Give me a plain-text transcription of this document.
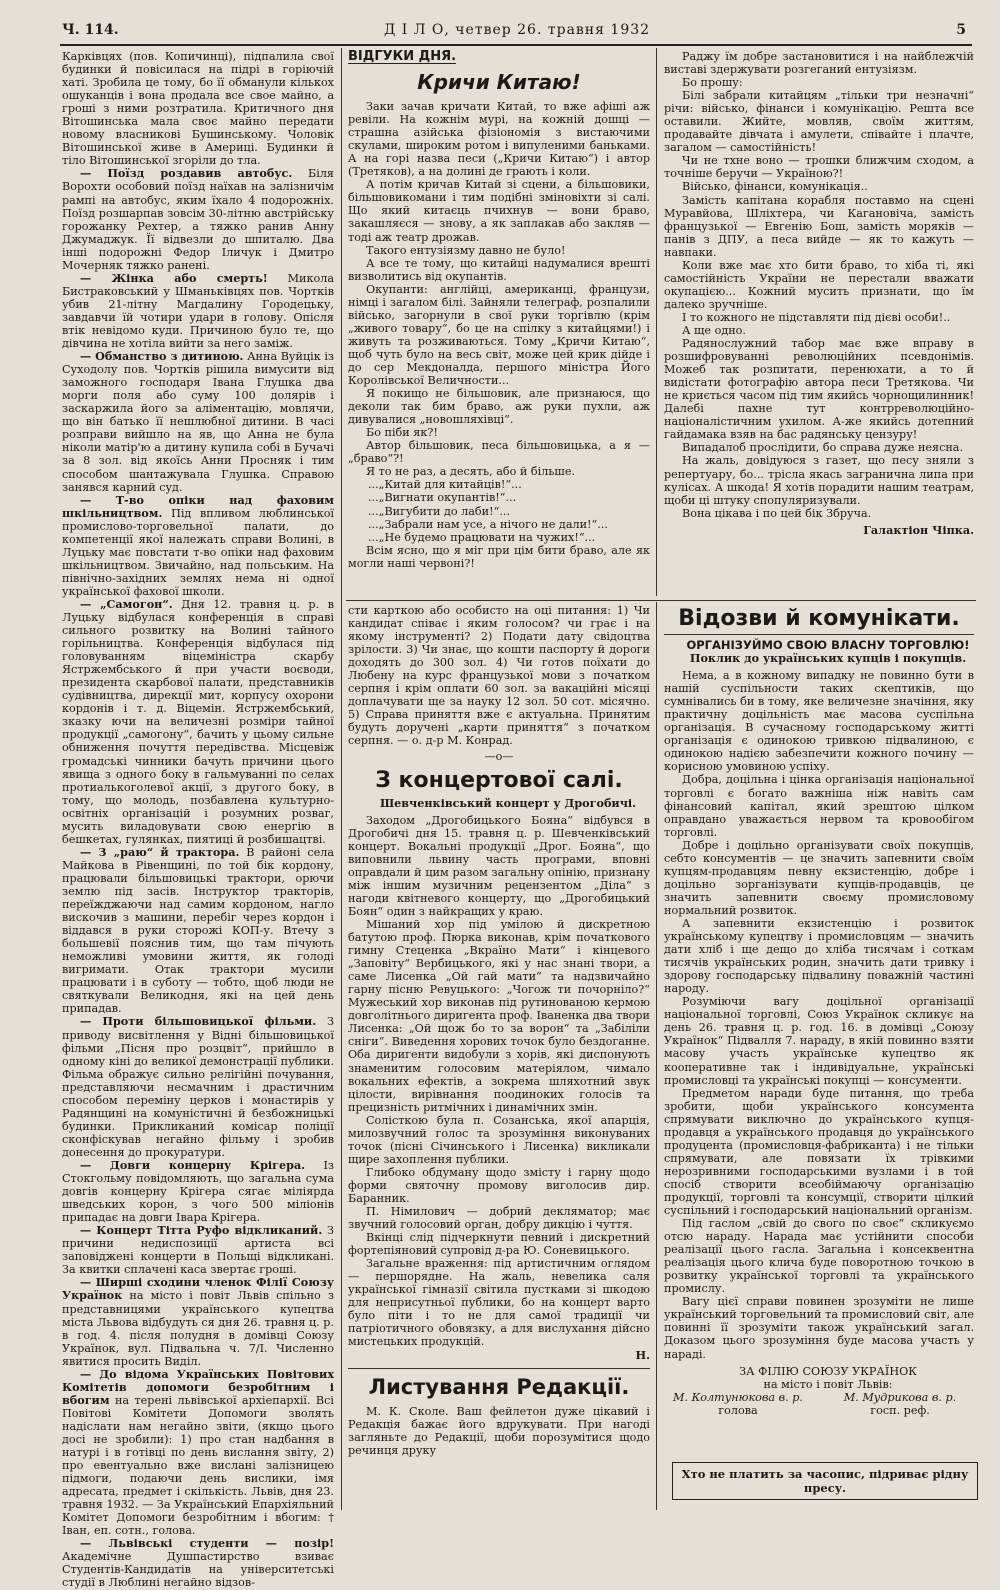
Ч. 114.	Д І Л О, четвер 26. травня 1932	5

Карківцях (пов. Копичинці), підпалила свої будинки й повісилася на підрі в горіючій хаті. Зробила це тому, бо її обманули кількох ошуканців і вона продала все свое майно, а гроші з ними розтратила. Критичного дня Вітошинська мала своє майно передати новому власникові Бушинському. Чоловік Вітошинської живе в Америці. Будинки й тіло Вітошинської згоріли до тла.

— Поїзд роздавив автобус. Біля Ворохти особовий поїзд наїхав на залізничім рампі на автобус, яким їхало 4 подорожніх. Поїзд розшарпав зовсім 30-літню австрійську горожанку Рехтер, а тяжко ранив Анну Джумаджук. Її відвезли до шпиталю. Два інші подорожні Федор Іличук і Дмитро Мочерняк тяжко ранені.

— Жінка або смерть! Микола Бистраковський у Шманьківцях пов. Чортків убив 21-літну Магдалину Городецьку, завдавчи їй чотири удари в голову. Опісля втік невідомо куди. Причиною було те, що дівчина не хотіла вийти за него заміж.

— Обманство з дитиною. Анна Вуйцік із Суходолу пов. Чортків рішила вимусити від заможного господаря Івана Глушка два морги поля або суму 100 долярів і заскаржила його за аліментацію, мовлячи, що він батько її нешлюбної дитини. В часі розправи вийшло на яв, що Анна не була ніколи матір'ю а дитину купила собі в Бучачі за 8 зол. від якоїсь Анни Просняк і тим способом шантажувала Глушка. Справою занявся карний суд.

— Т-во опіки над фаховим шкільництвом. Під впливом люблинської промислово-торговельної палати, до компетенції якої належать справи Волині, в Луцьку має повстати т-во опіки над фаховим шкільництвом. Звичайно, над польським. На північно-західних землях нема ні одної української фахової школи.

— „Самогон“. Дня 12. травня ц. р. в Луцьку відбулася конференція в справі сильного розвитку на Волині тайного горільництва. Конференція відбулася під головуванням віцеміністра скарбу Ястржембського й при участи воєводи, президента скарбової палати, представників судівництва, дирекції мит, корпусу охорони кордонів і т. д. Віцемін. Ястржембський, зказку ючи на величезні розміри тайної продукції „самогону“, бачить у цьому сильне обниження почуття передівства. Місцевіж громадські чинники бачуть причини цього явища з одного боку в гальмуванні по селах протиалькоголевої акції, з другого боку, в тому, що молодь, позбавлена культурно-освітніх організацій і розумних розваг, мусить виладовувати свою енергію в бешкетах, гулянках, пиятиці й розбишацтві.

— З „раю“ й трактора. В районі села Майкова в Рівенщині, по той бік кордону, працювали більшовицькі трактори, орючи землю під засів. Інструктор тракторів, переїжджаючи над самим кордоном, нагло вискочив з машини, перебіг через кордон і віддався в руки сторожі КОП-у. Втечу з большевії пояснив тим, що там пічують неможливі умовини життя, як голоді вигримати. Отак трактори мусили працювати і в суботу — тобто, щоб люди не святкували Великодня, які на цей день припадав.

— Проти більшовицької фільми. З приводу висвітлення у Відні більшовицької фільми „Пісня про розцвіт“, прийшло в одному кіні до великої демонстрації публики. Фільма ображує сильно релігійні почування, представляючи несмачним і драстичним способом переміну церков і монастирів у Радянщині на комуністичні й безбожницькі будинки. Прикликаний комісар поліції сконфіскував негайно фільму і зробив донесення до прокуратури.

— Довги концерну Крігера. Із Стокгольму повідомляють, що загальна сума довгів концерну Крігера сягає міліярда шведських корон, з чого 500 міліонів припадає на довги Івара Крігера.

— Концерт Тітта Руфо відкликаний. З причини недиспозиції артиста всі заповіджені концерти в Польщі відкликані. За квитки сплачені каса звертає гроші.

— Ширші сходини членок Філії Союзу Українок на місто і повіт Львів спільно з представницями українського купецтва міста Львова відбудуть ся дня 26. травня ц. р. в год. 4. після полудня в домівці Союзу Українок, вул. Підвальна ч. 7/I. Численно явитися просить Виділ.

— До відома Українських Повітових Комітетів допомоги безробітним і вбогим на терені львівської архіепархії. Всі Повітові Комітети Допомоги зволять надіслати нам негайно звіти, (якщо цього досі не зробили): 1) про стан надбання в натурі і в готівці по день вислання звіту, 2) про евентуально вже вислані залізницею підмоги, подаючи день вислики, імя адресата, предмет і скількість. Львів, дня 23. травня 1932. — За Український Епархіяльний Комітет Допомоги безробітним і вбогим: † Іван, еп. сотн., голова.

— Львівські студенти — позір! Академічне Душпастирство взиває Студентів-Кандидатів на університетські студії в Люблині негайно відзов-

ВІДГУКИ ДНЯ.
Кричи Китаю!

Заки зачав кричати Китай, то вже афіші аж ревіли. На кожнім мурі, на кожній дошці — страшна азійська фізіономія з вистаючими скулами, широким ротом і випуленими баньками. А на горі назва песи („Кричи Китаю“) і автор (Третяков), а на долині де грають і коли.

А потім кричав Китай зі сцени, а більшовики, більшовикомани і тим подібні зміновіхти зі салі. Що який китаєць пчихнув — вони браво, закашляєся — знову, а як заплакав або закляв — тоді аж театр дрожав.

Такого ентузіязму давно не було!

А все те тому, що китайці надумалися врешті визволитись від окупантів.

Окупанти: англійці, американці, французи, німці і загалом білі. Зайняли телеграф, розпалили військо, загорнули в свої руки торгівлю (крім „живого товару“, бо це на спілку з китайцями!) і живуть та розживаються. Тому „Кричи Китаю“, щоб чуть було на весь світ, може цей крик дійде і до сер Мекдоналда, першого міністра Його Королівської Величности...

Я покищо не більшовик, але признаюся, що деколи так бим браво, аж руки пухли, аж дивувалися „новошляхівці“.

Бо піби як?!

Автор більшовик, песа більшовицька, а я — „браво“?!

Я то не раз, а десять, або й більше.

...„Китай для китайців!“...
...„Вигнати окупантів!“...
...„Вигубити до лаби!“...
...„Забрали нам усе, а нічого не дали!“...
...„Не будемо працювати на чужих!“...

Всім ясно, що я міг при цім бити браво, але як могли наші червоні?!

Раджу їм добре застановитися і на найблежчій виставі здержувати розгеганий ентузіязм.

Бо прошу:

Білі забрали китайцям „тільки три незначні“ річи: військо, фінанси і комунікацію. Решта все оставили. Жийте, мовляв, своїм життям, продавайте дівчата і амулети, співайте і плачте, загалом — самостійність!

Чи не тхне воно — трошки ближчим сходом, а точніше беручи — Україною?!

Військо, фінанси, комунікація..

Замість капітана корабля поставмо на сцені Муравйова, Шліхтера, чи Кагановіча, замість французької — Евгенію Бош, замість моряків — панів з ДПУ, а песа вийде — як то кажуть — навпаки.

Коли вже має хто бити браво, то хіба ті, які самостійність України не перестали вважати окупацією... Кожний мусить признати, що їм далеко зручніше.

І то кожного не підставляти під дієві особи!..

А ще одно.

Радянослужний табор має вже вправу в розшифровуванні революційних псевдонімів. Можеб так розпитати, перенюхати, а то й видістати фотографію автора песи Третякова. Чи не криється часом під тим якийсь чорнощилинник! Далебі пахне тут контрреволюційно-націоналістичним ухилом. А-же якийсь дотепний гайдамака взяв на бас радянську цензуру!

Випадалоб прослідити, бо справа дуже неясна.

На жаль, довідуюся з газет, що песу зняли з репертуару, бо... трісла якась загранична липа при кулісах. А шкода! Я хотів порадити нашим театрам, щоби ці штуку спопуляризували.

Вона цікава і по цей бік Збруча.

Галактіон Чіпка.

сти карткою або особисто на оці питання: 1) Чи кандидат співає і яким голосом? чи грає і на якому інструменті? 2) Подати дату свідоцтва зрілости. 3) Чи знає, що кошти паспорту й дороги доходять до 300 зол. 4) Чи готов поїхати до Любену на курс французької мови з початком серпня і крім оплати 60 зол. за вакаційні місяці доплачувати ще за науку 12 зол. 50 сот. місячно. 5) Справа приняття вже є актуальна. Принятим будуть доручені „карти приняття“ з початком серпня. — о. д-р М. Конрад.

—o—
З концертової салі.

Шевченківський концерт у Дрогобичі.

Заходом „Дрогобицького Бояна“ відбувся в Дрогобичі дня 15. травня ц. р. Шевченківський концерт. Вокальні продукції „Дрог. Бояна“, що виповнили львину часть програми, вповні оправдали й цим разом загальну опінію, признану між іншим музичним рецензентом „Діла“ з нагоди квітневого концерту, що „Дрогобицький Боян“ один з найкращих у краю.

Мішаний хор під умілою й дискретною батутою проф. Пюрка виконав, крім початкового гимну Стеценка „Вкраїно Мати“ і кінцевого „Заповіту“ Вербицького, які у нас знані твори, а саме Лисенка „Ой гай мати“ та надзвичайно гарну пісню Ревуцького: „Чогож ти почорніло?“ Мужеський хор виконав під рутинованою кермою довголітнього диригента проф. Іваненка два твори Лисенка: „Ой щож бо то за ворон“ та „Забіліли сніги“. Виведення хорових точок було бездоганне. Оба диригенти видобули з хорів, які диспонують знаменитим голосовим матеріялом, чимало вокальних ефектів, а зокрема шляхотний звук цілости, вирівнання поодиноких голосів та прецизність ритмічних і динамічних змін.

Солісткою була п. Созанська, якої апарція, милозвучний голос та зрозуміння виконуваних точок (пісні Січинського і Лисенка) викликали щире захоплення публики.

Глибоко обдуману щодо змісту і гарну щодо форми святочну промову виголосив дир. Баранник.

П. Німилович — добрий декляматор; має звучний голосовий орган, добру дикцію і чуття.

Вкінці слід підчеркнути певний і дискретний фортепіяновий супровід д-ра Ю. Соневицького.

Загальне враження: під артистичним оглядом — першорядне. На жаль, невелика саля української гімназії світила пустками зі шкодою для неприсутньої публики, бо на концерт варто було піти і то не для самої традиції чи патріотичного обовязку, а для вислухання дійсно мистецьких продукцій.

Н.

Листування Редакції.

М. К. Сколе. Ваш фейлетон дуже цікавий і Редакція бажає його вдрукувати. При нагоді загляньте до Редакції, щоби порозумітися щодо речинця друку

Відозви й комунікати.

ОРГАНІЗУЙМО СВОЮ ВЛАСНУ ТОРГОВЛЮ!

Поклик до українських купців і покупців.

Нема, а в кожному випадку не повинно бути в нашій суспільности таких скептиків, що сумнівались би в тому, яке величезне значіння, яку практичну доцільність має масова суспільна організація. В сучасному господарському житті організація є одинокою тривкою підвалиною, є одинокою надією забезпечити кожного почину — корисною умовиною успіху.

Добра, доцільна і цінка організація національної торговлі є богато важніша ніж навіть сам фінансовий капітал, який зрештою цілком оправдано уважається нервом та кровообігом торговлі.

Добре і доцільно організувати своїх покупців, себто консументів — це значить запевнити своїм купцям-продавцям певну екзистенцію, добре і доцільно зорганізувати купців-продавців, це значить запевнити своєму промисловому нормальний розвиток.

А запевнити екзистенцію і розвиток українському купецтву і промисловцям — значить дати хліб і ще дещо до хліба тисячам і соткам тисячів українських родин, значить дати тривку і здорову господарську підвалину поважній частині народу.

Розуміючи вагу доцільної організації національної торговлі, Союз Українок скликує на день 26. травня ц. р. год. 16. в домівці „Союзу Українок“ Підвалля 7. нараду, в якій повинно взяти масову участь українське купецтво як кооперативне так і індивідуальне, українські промисловці та українські покупці — консументи.

Предметом наради буде питання, що треба зробити, щоби українського консумента спрямувати виключно до українського купця-продавця а українського продавця до українського продуцента (промисловця-фабриканта) і не тільки спрямувати, але повязати їх трівкими нерозривними господарськими вузлами і в той спосіб створити всеобіймаючу організацію продукції, торговлі та консумції, створити цілкий суспільний і господарський національний організм.

Під гаслом „свій до свого по своє“ скликуємо отсю нараду. Нарада має устійнити способи реалізації цього гасла. Загальна і консеквентна реалізація цього клича буде поворотною точкою в розвитку української торговлі та українського промислу.

Вагу цієї справи повинен зрозуміти не лише український торговельний та промисловий світ, але повинні її зрозуміти також український загал. Доказом цього зрозуміння буде масова участь у нараді.

ЗА ФІЛІЮ СОЮЗУ УКРАЇНОК

на місто і повіт Львів:

М. Колтунюкова в. р.
голова
М. Мудрикова в. р.
госп. реф.
Хто не платить за часопис, підриває рідну пресу.
